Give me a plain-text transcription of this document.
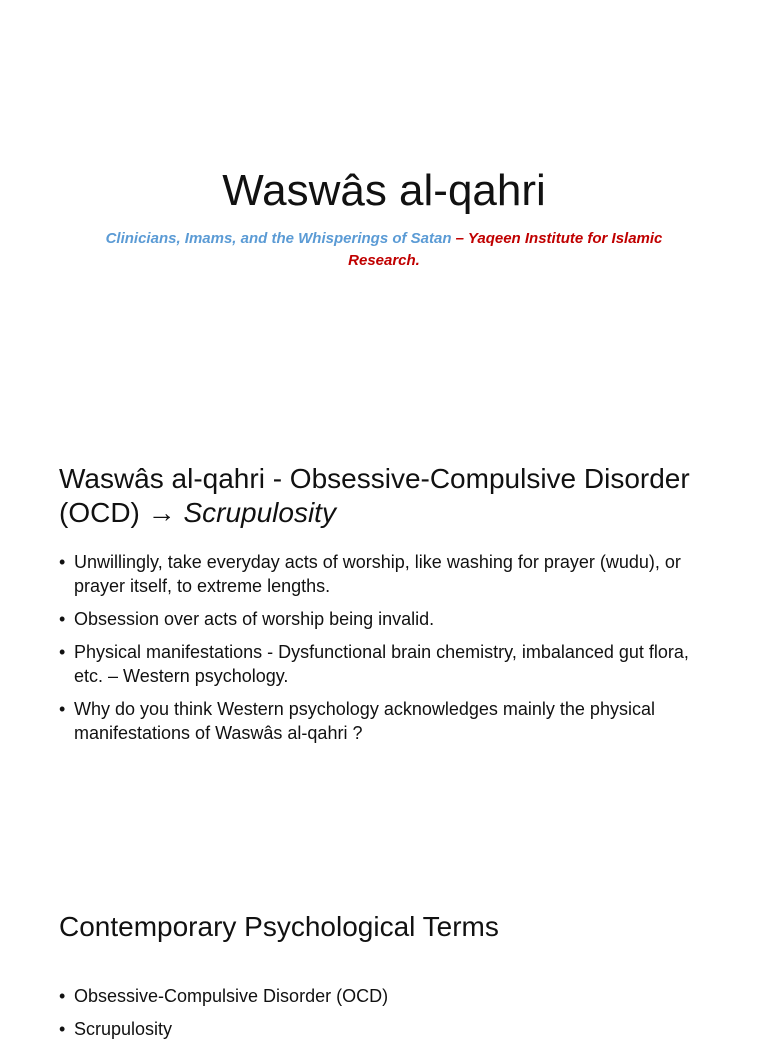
Waswâs al-qahri

Clinicians, Imams, and the Whisperings of Satan – Yaqeen Institute for Islamic Research.

Waswâs al-qahri - Obsessive-Compulsive Disorder (OCD) → Scrupulosity
• Unwillingly, take everyday acts of worship, like washing for prayer (wudu), or prayer itself, to extreme lengths.
• Obsession over acts of worship being invalid.
• Physical manifestations - Dysfunctional brain chemistry, imbalanced gut flora, etc. – Western psychology.
• Why do you think Western psychology acknowledges mainly the physical manifestations of Waswâs al-qahri ?
Contemporary Psychological Terms
• Obsessive-Compulsive Disorder (OCD)
• Scrupulosity
